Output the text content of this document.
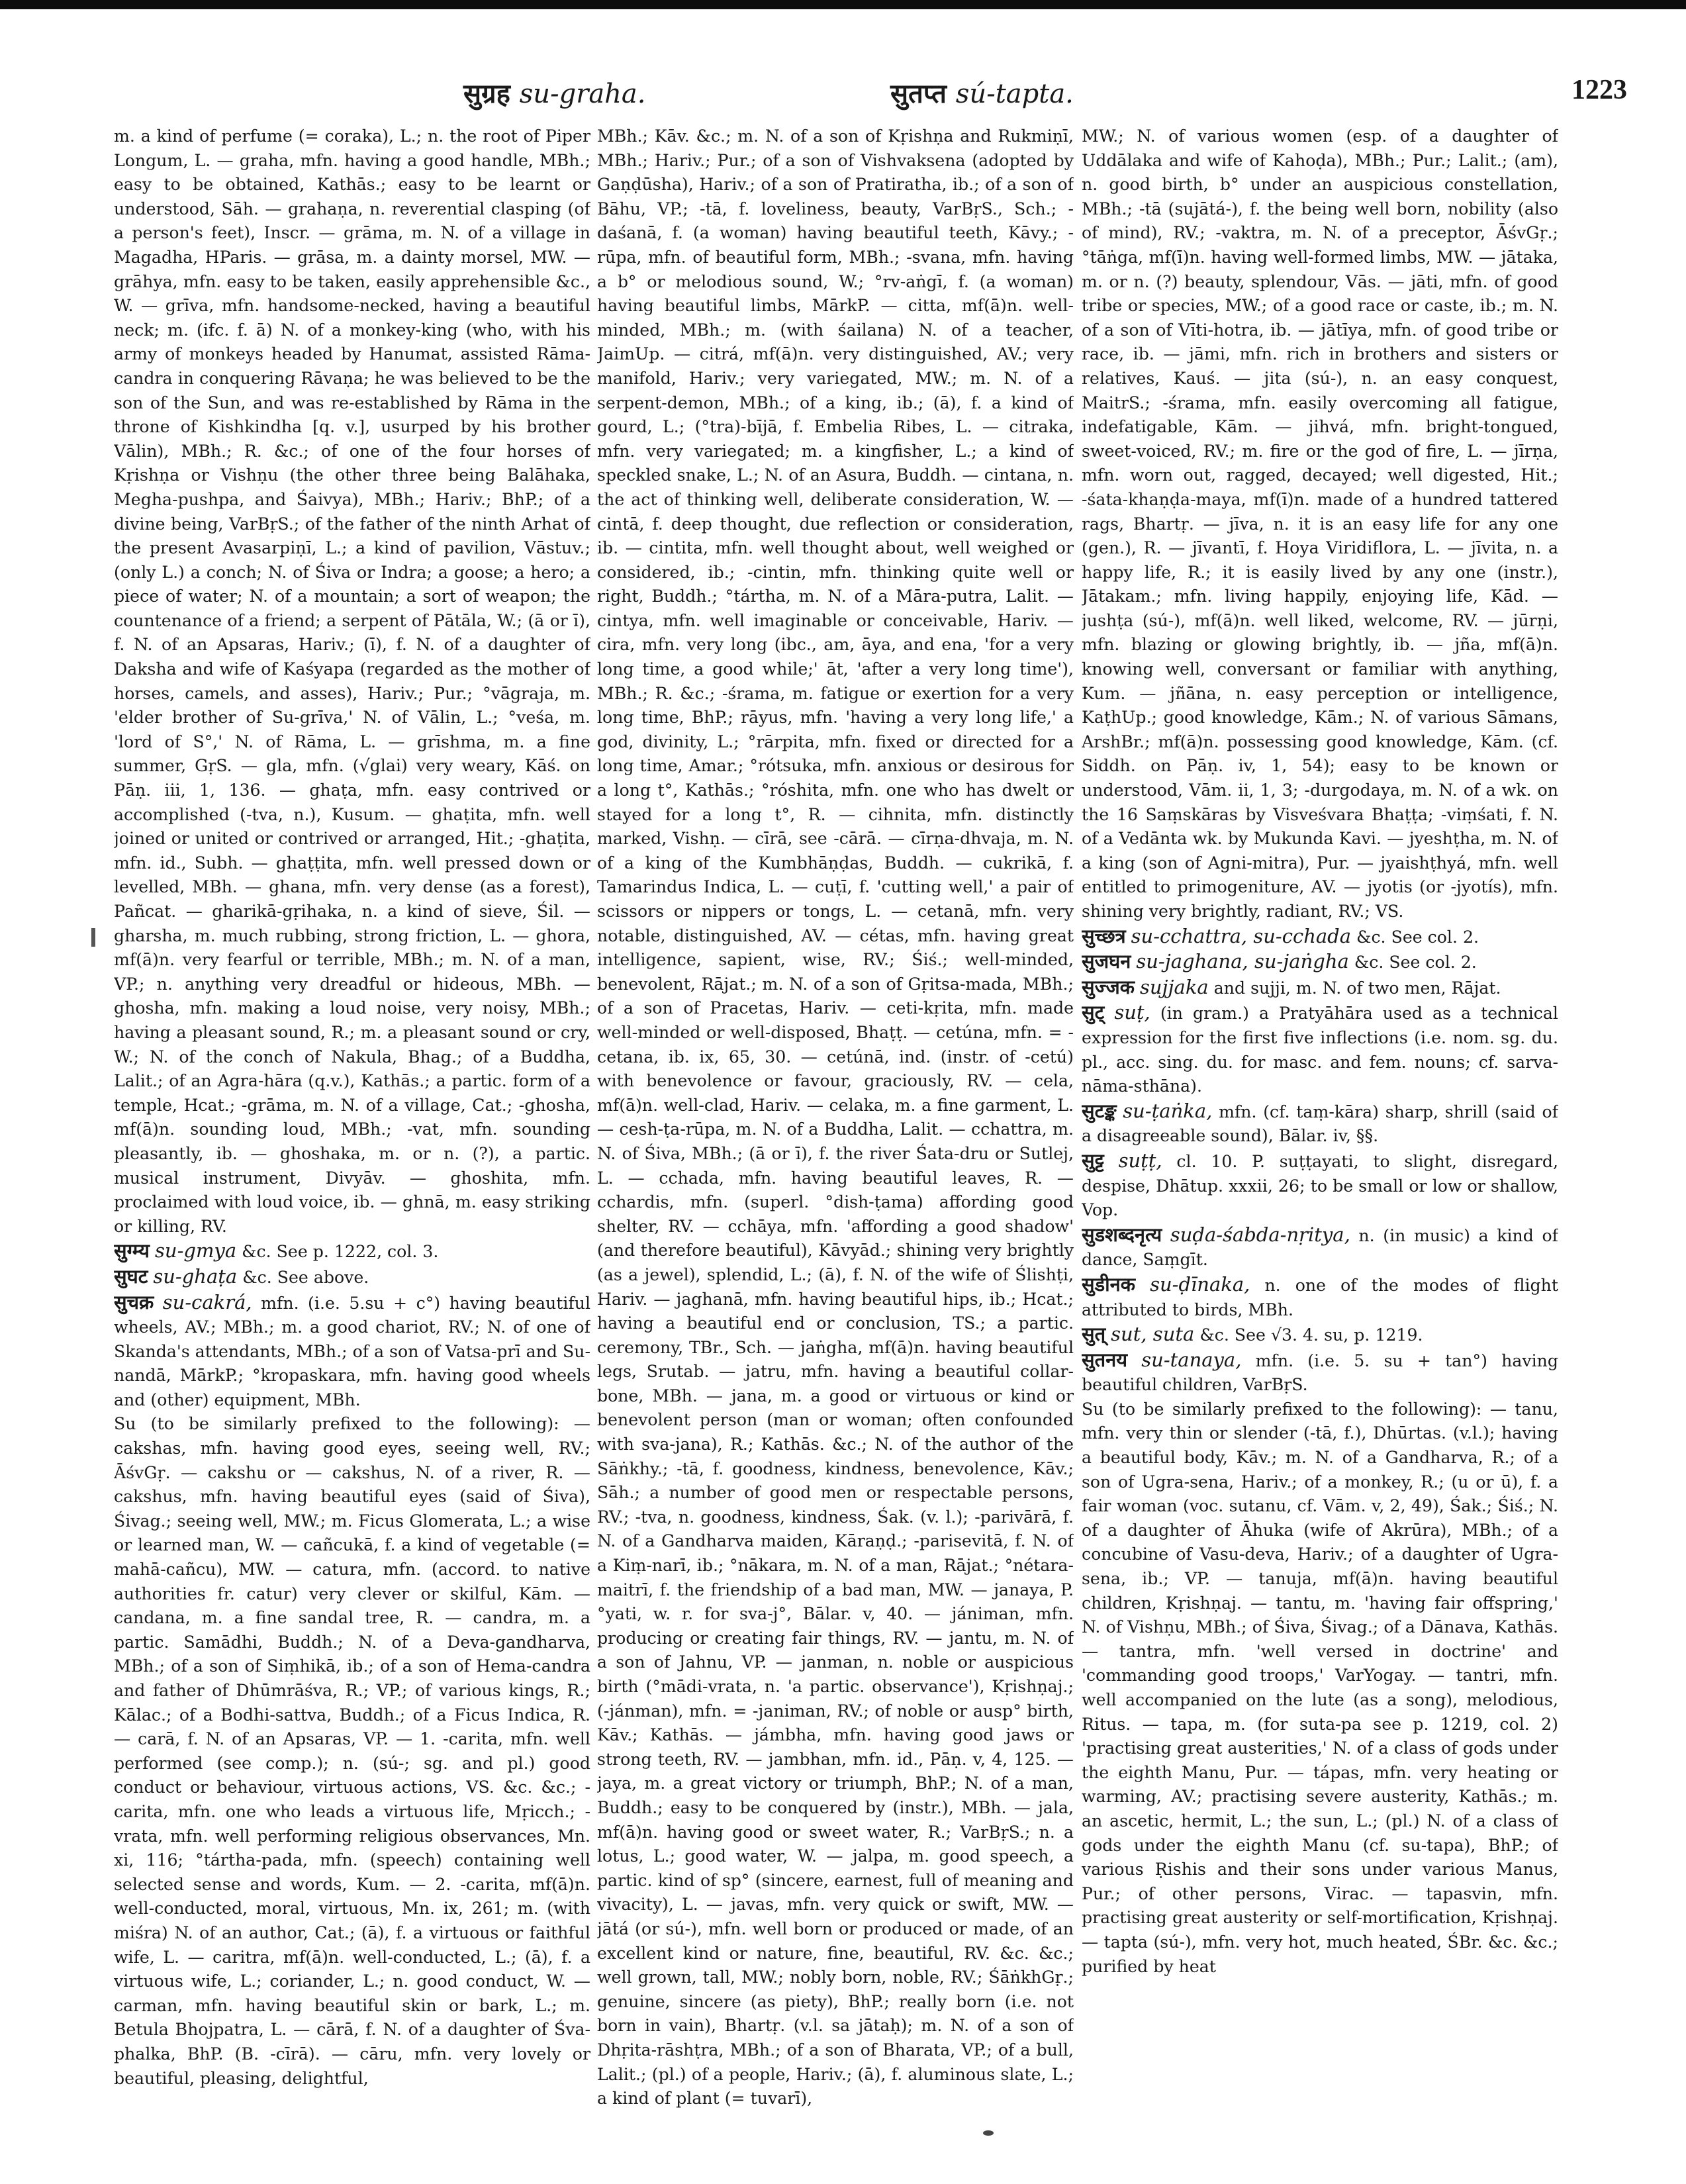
सुग्रह su-graha.	सुतप्त sú-tapta.	1223

m. a kind of perfume (= coraka), L.; n. the root of Piper Longum, L. — graha, mfn. having a good handle, MBh.; easy to be obtained, Kathās.; easy to be learnt or understood, Sāh. — grahaṇa, n. reverential clasping (of a person's feet), Inscr. — grāma, m. N. of a village in Magadha, HParis. — grāsa, m. a dainty morsel, MW. — grāhya, mfn. easy to be taken, easily apprehensible &c., W. — grīva, mfn. handsome-necked, having a beautiful neck; m. (ifc. f. ā) N. of a monkey-king (who, with his army of monkeys headed by Hanumat, assisted Rāma-candra in conquering Rāvaṇa; he was believed to be the son of the Sun, and was re-established by Rāma in the throne of Kishkindha [q. v.], usurped by his brother Vālin), MBh.; R. &c.; of one of the four horses of Kṛishṇa or Vishṇu (the other three being Balāhaka, Megha-pushpa, and Śaivya), MBh.; Hariv.; BhP.; of a divine being, VarBṛS.; of the father of the ninth Arhat of the present Avasarpiṇī, L.; a kind of pavilion, Vāstuv.; (only L.) a conch; N. of Śiva or Indra; a goose; a hero; a piece of water; N. of a mountain; a sort of weapon; the countenance of a friend; a serpent of Pātāla, W.; (ā or ī), f. N. of an Apsaras, Hariv.; (ī), f. N. of a daughter of Daksha and wife of Kaśyapa (regarded as the mother of horses, camels, and asses), Hariv.; Pur.; °vāgraja, m. 'elder brother of Su-grīva,' N. of Vālin, L.; °veśa, m. 'lord of S°,' N. of Rāma, L. — grīshma, m. a fine summer, GṛS. — gla, mfn. (√glai) very weary, Kāś. on Pāṇ. iii, 1, 136. — ghaṭa, mfn. easy contrived or accomplished (-tva, n.), Kusum. — ghaṭita, mfn. well joined or united or contrived or arranged, Hit.; -ghaṭita, mfn. id., Subh. — ghaṭṭita, mfn. well pressed down or levelled, MBh. — ghana, mfn. very dense (as a forest), Pañcat. — gharikā-gṛihaka, n. a kind of sieve, Śil. — gharsha, m. much rubbing, strong friction, L. — ghora, mf(ā)n. very fearful or terrible, MBh.; m. N. of a man, VP.; n. anything very dreadful or hideous, MBh. — ghosha, mfn. making a loud noise, very noisy, MBh.; having a pleasant sound, R.; m. a pleasant sound or cry, W.; N. of the conch of Nakula, Bhag.; of a Buddha, Lalit.; of an Agra-hāra (q.v.), Kathās.; a partic. form of a temple, Hcat.; -grāma, m. N. of a village, Cat.; -ghosha, mf(ā)n. sounding loud, MBh.; -vat, mfn. sounding pleasantly, ib. — ghoshaka, m. or n. (?), a partic. musical instrument, Divyāv. — ghoshita, mfn. proclaimed with loud voice, ib. — ghnā, m. easy striking or killing, RV.

सुग्म्य su-gmya &c. See p. 1222, col. 3.

सुघट su-ghaṭa &c. See above.

सुचक्र su-cakrá, mfn. (i.e. 5.su + c°) having beautiful wheels, AV.; MBh.; m. a good chariot, RV.; N. of one of Skanda's attendants, MBh.; of a son of Vatsa-prī and Su-nandā, MārkP.; °kropaskara, mfn. having good wheels and (other) equipment, MBh.

Su (to be similarly prefixed to the following): — cakshas, mfn. having good eyes, seeing well, RV.; ĀśvGṛ. — cakshu or — cakshus, N. of a river, R. — cakshus, mfn. having beautiful eyes (said of Śiva), Śivag.; seeing well, MW.; m. Ficus Glomerata, L.; a wise or learned man, W. — cañcukā, f. a kind of vegetable (= mahā-cañcu), MW. — catura, mfn. (accord. to native authorities fr. catur) very clever or skilful, Kām. — candana, m. a fine sandal tree, R. — candra, m. a partic. Samādhi, Buddh.; N. of a Deva-gandharva, MBh.; of a son of Siṃhikā, ib.; of a son of Hema-candra and father of Dhūmrāśva, R.; VP.; of various kings, R.; Kālac.; of a Bodhi-sattva, Buddh.; of a Ficus Indica, R. — carā, f. N. of an Apsaras, VP. — 1. -carita, mfn. well performed (see comp.); n. (sú-; sg. and pl.) good conduct or behaviour, virtuous actions, VS. &c. &c.; -carita, mfn. one who leads a virtuous life, Mṛicch.; -vrata, mfn. well performing religious observances, Mn. xi, 116; °tártha-pada, mfn. (speech) containing well selected sense and words, Kum. — 2. -carita, mf(ā)n. well-conducted, moral, virtuous, Mn. ix, 261; m. (with miśra) N. of an author, Cat.; (ā), f. a virtuous or faithful wife, L. — caritra, mf(ā)n. well-conducted, L.; (ā), f. a virtuous wife, L.; coriander, L.; n. good conduct, W. — carman, mfn. having beautiful skin or bark, L.; m. Betula Bhojpatra, L. — cārā, f. N. of a daughter of Śva-phalka, BhP. (B. -cīrā). — cāru, mfn. very lovely or beautiful, pleasing, delightful,

MBh.; Kāv. &c.; m. N. of a son of Kṛishṇa and Rukmiṇī, MBh.; Hariv.; Pur.; of a son of Vishvaksena (adopted by Gaṇḍūsha), Hariv.; of a son of Pratiratha, ib.; of a son of Bāhu, VP.; -tā, f. loveliness, beauty, VarBṛS., Sch.; -daśanā, f. (a woman) having beautiful teeth, Kāvy.; -rūpa, mfn. of beautiful form, MBh.; -svana, mfn. having a b° or melodious sound, W.; °rv-aṅgī, f. (a woman) having beautiful limbs, MārkP. — citta, mf(ā)n. well-minded, MBh.; m. (with śailana) N. of a teacher, JaimUp. — citrá, mf(ā)n. very distinguished, AV.; very manifold, Hariv.; very variegated, MW.; m. N. of a serpent-demon, MBh.; of a king, ib.; (ā), f. a kind of gourd, L.; (°tra)-bījā, f. Embelia Ribes, L. — citraka, mfn. very variegated; m. a kingfisher, L.; a kind of speckled snake, L.; N. of an Asura, Buddh. — cintana, n. the act of thinking well, deliberate consideration, W. — cintā, f. deep thought, due reflection or consideration, ib. — cintita, mfn. well thought about, well weighed or considered, ib.; -cintin, mfn. thinking quite well or right, Buddh.; °tártha, m. N. of a Māra-putra, Lalit. — cintya, mfn. well imaginable or conceivable, Hariv. — cira, mfn. very long (ibc., am, āya, and ena, 'for a very long time, a good while;' āt, 'after a very long time'), MBh.; R. &c.; -śrama, m. fatigue or exertion for a very long time, BhP.; rāyus, mfn. 'having a very long life,' a god, divinity, L.; °rārpita, mfn. fixed or directed for a long time, Amar.; °rótsuka, mfn. anxious or desirous for a long t°, Kathās.; °róshita, mfn. one who has dwelt or stayed for a long t°, R. — cihnita, mfn. distinctly marked, Vishṇ. — cīrā, see -cārā. — cīrṇa-dhvaja, m. N. of a king of the Kumbhāṇḍas, Buddh. — cukrikā, f. Tamarindus Indica, L. — cuṭī, f. 'cutting well,' a pair of scissors or nippers or tongs, L. — cetanā, mfn. very notable, distinguished, AV. — cétas, mfn. having great intelligence, sapient, wise, RV.; Śiś.; well-minded, benevolent, Rājat.; m. N. of a son of Gṛitsa-mada, MBh.; of a son of Pracetas, Hariv. — ceti-kṛita, mfn. made well-minded or well-disposed, Bhaṭṭ. — cetúna, mfn. = -cetana, ib. ix, 65, 30. — cetúnā, ind. (instr. of -cetú) with benevolence or favour, graciously, RV. — cela, mf(ā)n. well-clad, Hariv. — celaka, m. a fine garment, L. — cesh-ṭa-rūpa, m. N. of a Buddha, Lalit. — cchattra, m. N. of Śiva, MBh.; (ā or ī), f. the river Śata-dru or Sutlej, L. — cchada, mfn. having beautiful leaves, R. — cchardis, mfn. (superl. °dish-ṭama) affording good shelter, RV. — cchāya, mfn. 'affording a good shadow' (and therefore beautiful), Kāvyād.; shining very brightly (as a jewel), splendid, L.; (ā), f. N. of the wife of Ślishṭi, Hariv. — jaghanā, mfn. having beautiful hips, ib.; Hcat.; having a beautiful end or conclusion, TS.; a partic. ceremony, TBr., Sch. — jaṅgha, mf(ā)n. having beautiful legs, Srutab. — jatru, mfn. having a beautiful collar-bone, MBh. — jana, m. a good or virtuous or kind or benevolent person (man or woman; often confounded with sva-jana), R.; Kathās. &c.; N. of the author of the Sāṅkhy.; -tā, f. goodness, kindness, benevolence, Kāv.; Sāh.; a number of good men or respectable persons, RV.; -tva, n. goodness, kindness, Śak. (v. l.); -parivārā, f. N. of a Gandharva maiden, Kāraṇḍ.; -parisevitā, f. N. of a Kiṃ-narī, ib.; °nākara, m. N. of a man, Rājat.; °nétara-maitrī, f. the friendship of a bad man, MW. — janaya, P. °yati, w. r. for sva-j°, Bālar. v, 40. — jániman, mfn. producing or creating fair things, RV. — jantu, m. N. of a son of Jahnu, VP. — janman, n. noble or auspicious birth (°mādi-vrata, n. 'a partic. observance'), Kṛishṇaj.; (-jánman), mfn. = -janiman, RV.; of noble or ausp° birth, Kāv.; Kathās. — jámbha, mfn. having good jaws or strong teeth, RV. — jambhan, mfn. id., Pāṇ. v, 4, 125. — jaya, m. a great victory or triumph, BhP.; N. of a man, Buddh.; easy to be conquered by (instr.), MBh. — jala, mf(ā)n. having good or sweet water, R.; VarBṛS.; n. a lotus, L.; good water, W. — jalpa, m. good speech, a partic. kind of sp° (sincere, earnest, full of meaning and vivacity), L. — javas, mfn. very quick or swift, MW. — jātá (or sú-), mfn. well born or produced or made, of an excellent kind or nature, fine, beautiful, RV. &c. &c.; well grown, tall, MW.; nobly born, noble, RV.; ŚāṅkhGṛ.; genuine, sincere (as piety), BhP.; really born (i.e. not born in vain), Bhartṛ. (v.l. sa jātaḥ); m. N. of a son of Dhṛita-rāshṭra, MBh.; of a son of Bharata, VP.; of a bull, Lalit.; (pl.) of a people, Hariv.; (ā), f. aluminous slate, L.; a kind of plant (= tuvarī),

MW.; N. of various women (esp. of a daughter of Uddālaka and wife of Kahoḍa), MBh.; Pur.; Lalit.; (am), n. good birth, b° under an auspicious constellation, MBh.; -tā (sujātá-), f. the being well born, nobility (also of mind), RV.; -vaktra, m. N. of a preceptor, ĀśvGṛ.; °tāṅga, mf(ī)n. having well-formed limbs, MW. — jātaka, m. or n. (?) beauty, splendour, Vās. — jāti, mfn. of good tribe or species, MW.; of a good race or caste, ib.; m. N. of a son of Vīti-hotra, ib. — jātīya, mfn. of good tribe or race, ib. — jāmi, mfn. rich in brothers and sisters or relatives, Kauś. — jita (sú-), n. an easy conquest, MaitrS.; -śrama, mfn. easily overcoming all fatigue, indefatigable, Kām. — jihvá, mfn. bright-tongued, sweet-voiced, RV.; m. fire or the god of fire, L. — jīrṇa, mfn. worn out, ragged, decayed; well digested, Hit.; -śata-khaṇḍa-maya, mf(ī)n. made of a hundred tattered rags, Bhartṛ. — jīva, n. it is an easy life for any one (gen.), R. — jīvantī, f. Hoya Viridiflora, L. — jīvita, n. a happy life, R.; it is easily lived by any one (instr.), Jātakam.; mfn. living happily, enjoying life, Kād. — jushṭa (sú-), mf(ā)n. well liked, welcome, RV. — jūrṇi, mfn. blazing or glowing brightly, ib. — jña, mf(ā)n. knowing well, conversant or familiar with anything, Kum. — jñāna, n. easy perception or intelligence, KaṭhUp.; good knowledge, Kām.; N. of various Sāmans, ArshBr.; mf(ā)n. possessing good knowledge, Kām. (cf. Siddh. on Pāṇ. iv, 1, 54); easy to be known or understood, Vām. ii, 1, 3; -durgodaya, m. N. of a wk. on the 16 Saṃskāras by Visveśvara Bhaṭṭa; -viṃśati, f. N. of a Vedānta wk. by Mukunda Kavi. — jyeshṭha, m. N. of a king (son of Agni-mitra), Pur. — jyaishṭhyá, mfn. well entitled to primogeniture, AV. — jyotis (or -jyotís), mfn. shining very brightly, radiant, RV.; VS.

सुच्छत्र su-cchattra, su-cchada &c. See col. 2.

सुजघन su-jaghana, su-jaṅgha &c. See col. 2.

सुज्जक sujjaka and sujji, m. N. of two men, Rājat.

सुट् suṭ, (in gram.) a Pratyāhāra used as a technical expression for the first five inflections (i.e. nom. sg. du. pl., acc. sing. du. for masc. and fem. nouns; cf. sarva-nāma-sthāna).

सुटङ्क su-ṭaṅka, mfn. (cf. taṃ-kāra) sharp, shrill (said of a disagreeable sound), Bālar. iv, §§.

सुट्ट suṭṭ, cl. 10. P. suṭṭayati, to slight, disregard, despise, Dhātup. xxxii, 26; to be small or low or shallow, Vop.

सुडशब्दनृत्य suḍa-śabda-nṛitya, n. (in music) a kind of dance, Saṃgīt.

सुडीनक su-ḍīnaka, n. one of the modes of flight attributed to birds, MBh.

सुत् sut, suta &c. See √3. 4. su, p. 1219.

सुतनय su-tanaya, mfn. (i.e. 5. su + tan°) having beautiful children, VarBṛS.

Su (to be similarly prefixed to the following): — tanu, mfn. very thin or slender (-tā, f.), Dhūrtas. (v.l.); having a beautiful body, Kāv.; m. N. of a Gandharva, R.; of a son of Ugra-sena, Hariv.; of a monkey, R.; (u or ū), f. a fair woman (voc. sutanu, cf. Vām. v, 2, 49), Śak.; Śiś.; N. of a daughter of Āhuka (wife of Akrūra), MBh.; of a concubine of Vasu-deva, Hariv.; of a daughter of Ugra-sena, ib.; VP. — tanuja, mf(ā)n. having beautiful children, Kṛishṇaj. — tantu, m. 'having fair offspring,' N. of Vishṇu, MBh.; of Śiva, Śivag.; of a Dānava, Kathās. — tantra, mfn. 'well versed in doctrine' and 'commanding good troops,' VarYogay. — tantri, mfn. well accompanied on the lute (as a song), melodious, Ritus. — tapa, m. (for suta-pa see p. 1219, col. 2) 'practising great austerities,' N. of a class of gods under the eighth Manu, Pur. — tápas, mfn. very heating or warming, AV.; practising severe austerity, Kathās.; m. an ascetic, hermit, L.; the sun, L.; (pl.) N. of a class of gods under the eighth Manu (cf. su-tapa), BhP.; of various Ṛishis and their sons under various Manus, Pur.; of other persons, Virac. — tapasvin, mfn. practising great austerity or self-mortification, Kṛishṇaj. — tapta (sú-), mfn. very hot, much heated, ŚBr. &c. &c.; purified by heat
